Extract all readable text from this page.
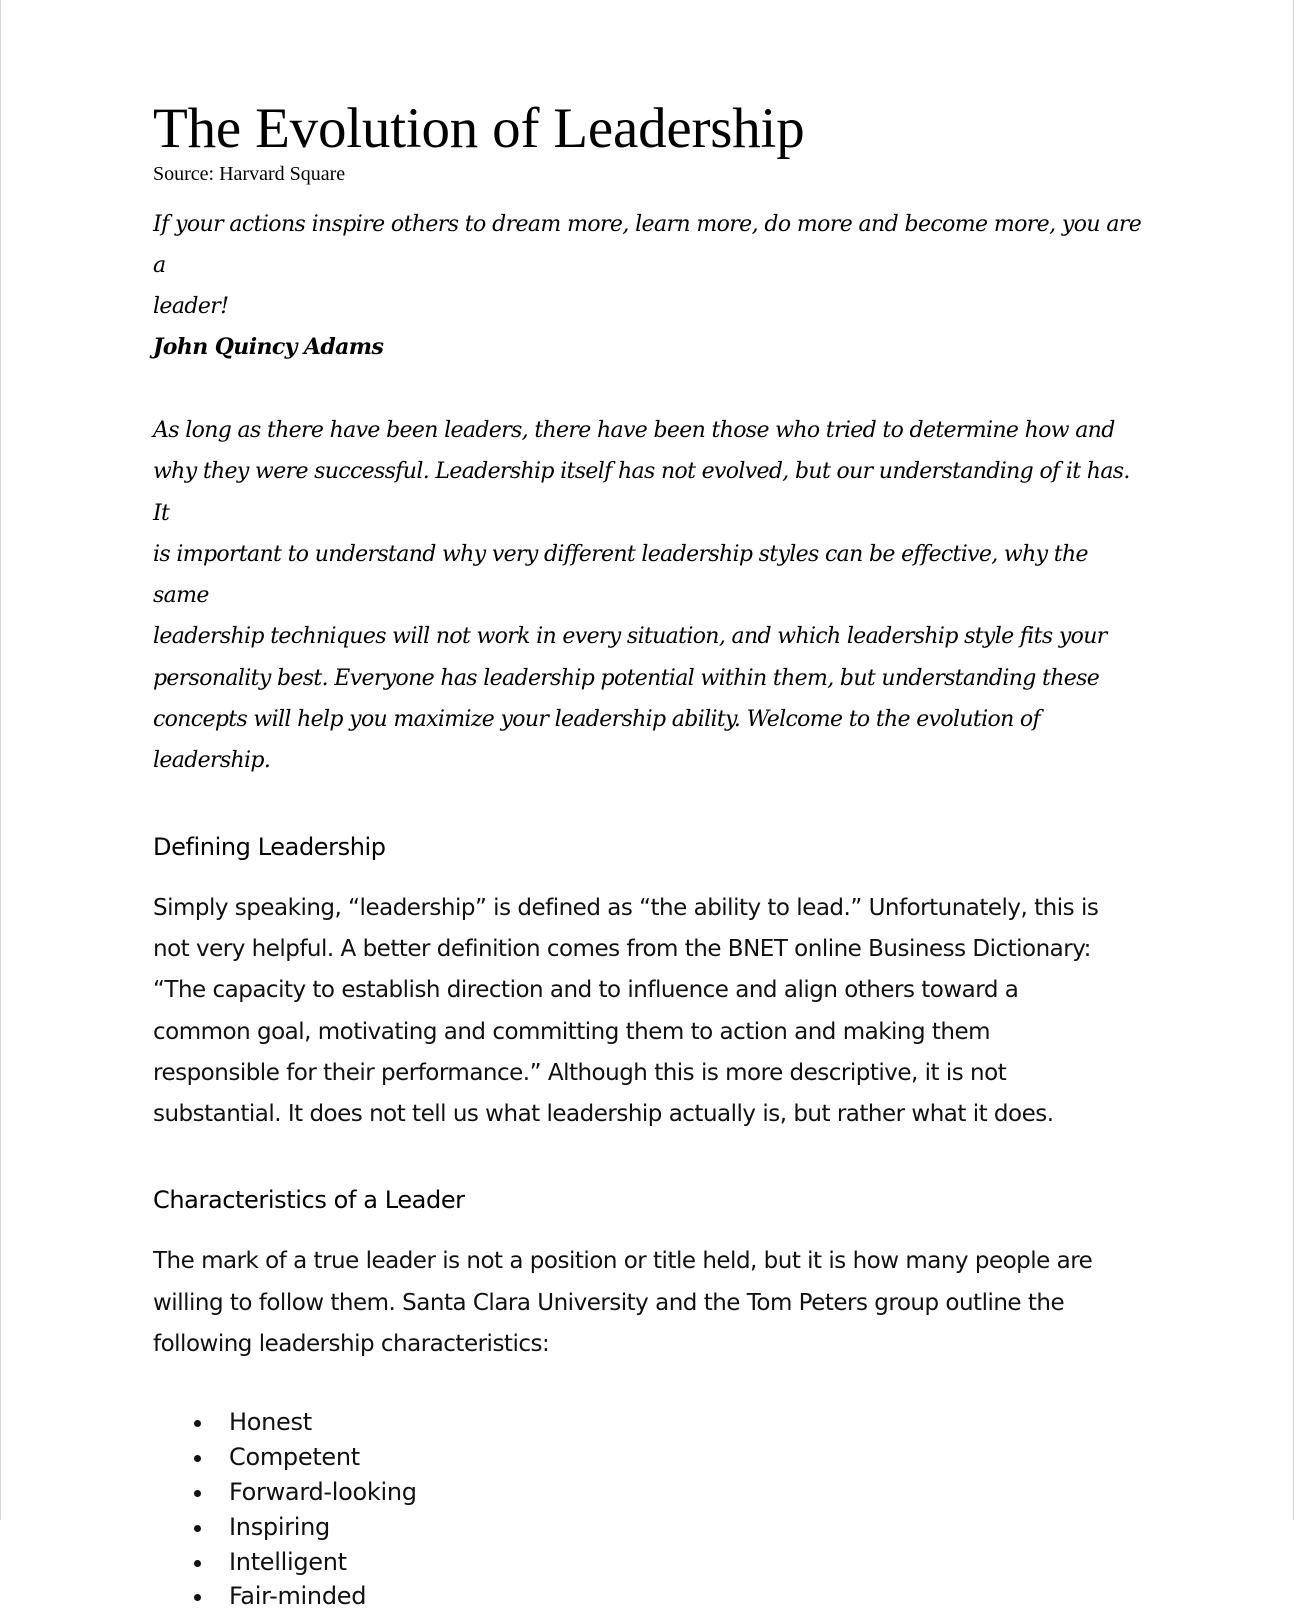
The Evolution of Leadership

Source: Harvard Square

If your actions inspire others to dream more, learn more, do more and become more, you are a
leader!
John Quincy Adams
As long as there have been leaders, there have been those who tried to determine how and
why they were successful. Leadership itself has not evolved, but our understanding of it has. It
is important to understand why very different leadership styles can be effective, why the same
leadership techniques will not work in every situation, and which leadership style fits your
personality best. Everyone has leadership potential within them, but understanding these
concepts will help you maximize your leadership ability. Welcome to the evolution of
leadership.
Defining Leadership
Simply speaking, “leadership” is defined as “the ability to lead.” Unfortunately, this is
not very helpful. A better definition comes from the BNET online Business Dictionary:
“The capacity to establish direction and to influence and align others toward a
common goal, motivating and committing them to action and making them
responsible for their performance.” Although this is more descriptive, it is not
substantial. It does not tell us what leadership actually is, but rather what it does.
Characteristics of a Leader
The mark of a true leader is not a position or title held, but it is how many people are
willing to follow them. Santa Clara University and the Tom Peters group outline the
following leadership characteristics:
Honest
Competent
Forward-looking
Inspiring
Intelligent
Fair-minded
